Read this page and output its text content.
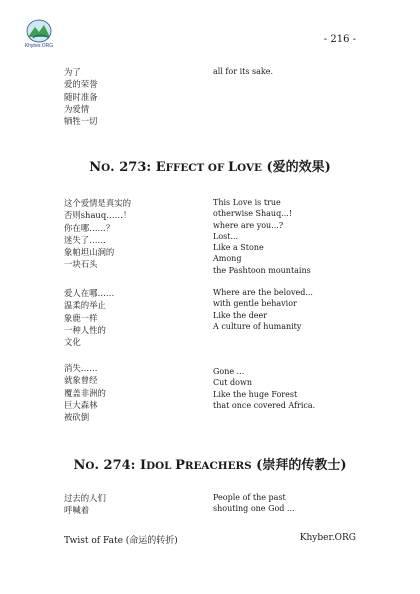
Khyber.ORG
- 216 -
为了
爱的荣誉
随时准备
为爱情
牺牲一切
all for its sake.
NO. 273: EFFECT OF LOVE (爱的效果)
这个爱情是真实的
否则shauq……！
你在哪……？
迷失了……
象帕坦山涧的
一块石头
This Love is true
otherwise Shauq...!
where are you...?
Lost...
Like a Stone
Among
the Pashtoon mountains
爱人在哪……
温柔的举止
象鹿一样
一种人性的
文化
Where are the beloved...
with gentle behavior
Like the deer
A culture of humanity
消失……
就象曾经
覆盖非洲的
巨大森林
被砍倒
Gone ...
Cut down
Like the huge Forest
that once covered Africa.
NO. 274: IDOL PREACHERS (崇拜的传教士)
过去的人们
呼喊着
People of the past
shouting one God ...
Twist of Fate (命运的转折)	Khyber.ORG
